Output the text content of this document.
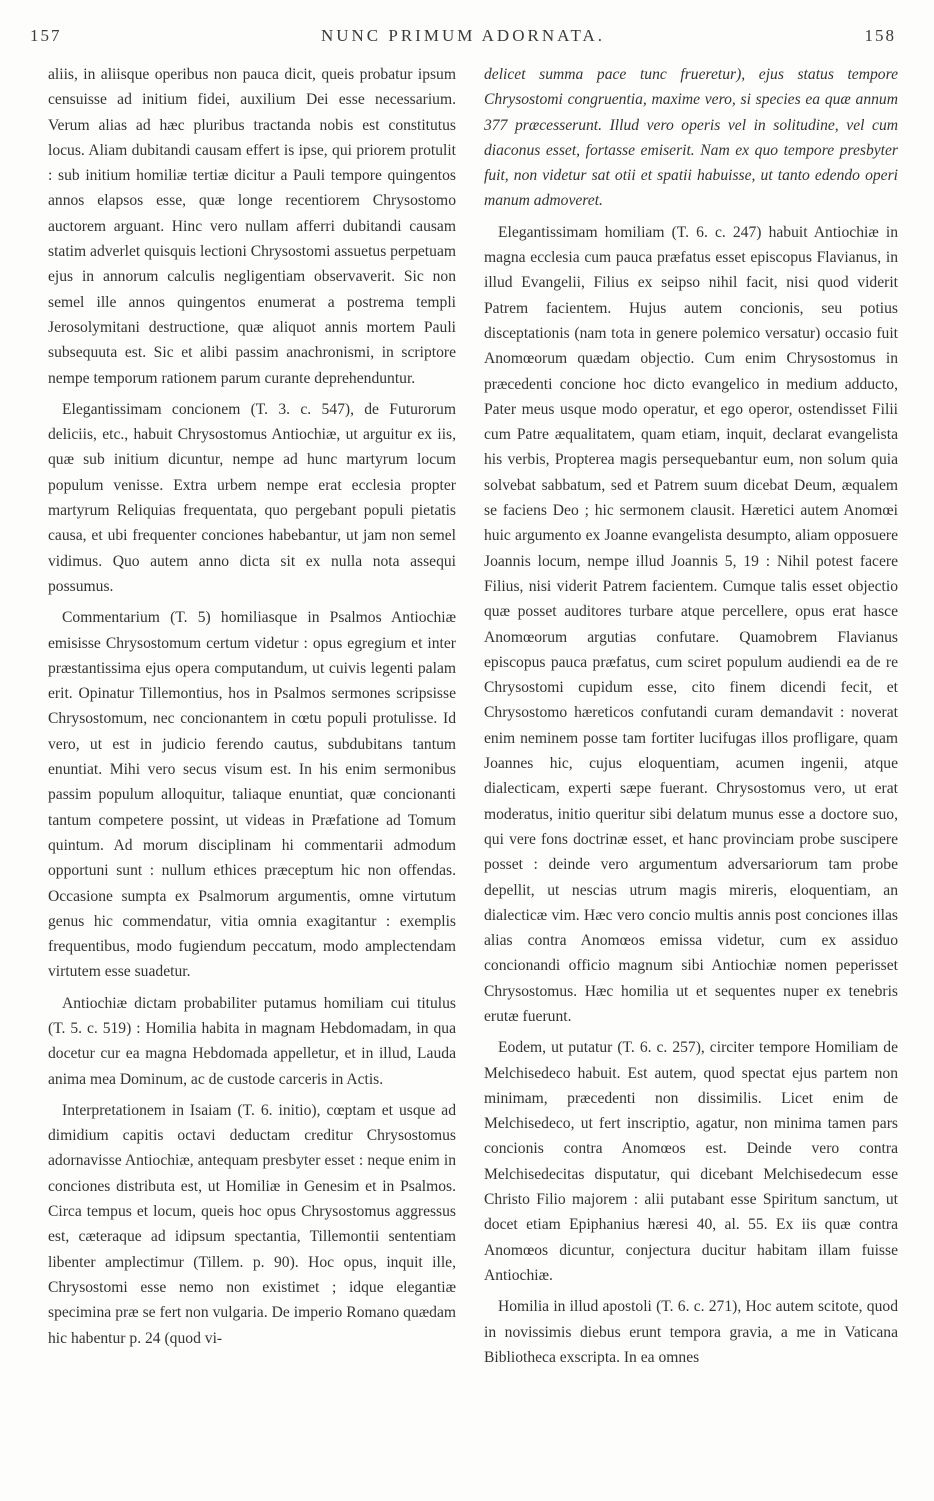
157	NUNC PRIMUM ADORNATA.	158

aliis, in aliisque operibus non pauca dicit, queis probatur ipsum censuisse ad initium fidei, auxilium Dei esse necessarium. Verum alias ad hæc pluribus tractanda nobis est constitutus locus. Aliam dubitandi causam effert is ipse, qui priorem protulit : sub initium homiliæ tertiæ dicitur a Pauli tempore quingentos annos elapsos esse, quæ longe recentiorem Chrysostomo auctorem arguant. Hinc vero nullam afferri dubitandi causam statim adverlet quisquis lectioni Chrysostomi assuetus perpetuam ejus in annorum calculis negligentiam observaverit. Sic non semel ille annos quingentos enumerat a postrema templi Jerosolymitani destructione, quæ aliquot annis mortem Pauli subsequuta est. Sic et alibi passim anachronismi, in scriptore nempe temporum rationem parum curante deprehenduntur.

Elegantissimam concionem (T. 3. c. 547), de Futurorum deliciis, etc., habuit Chrysostomus Antiochiæ, ut arguitur ex iis, quæ sub initium dicuntur, nempe ad hunc martyrum locum populum venisse. Extra urbem nempe erat ecclesia propter martyrum Reliquias frequentata, quo pergebant populi pietatis causa, et ubi frequenter conciones habebantur, ut jam non semel vidimus. Quo autem anno dicta sit ex nulla nota assequi possumus.

Commentarium (T. 5) homiliasque in Psalmos Antiochiæ emisisse Chrysostomum certum videtur : opus egregium et inter præstantissima ejus opera computandum, ut cuivis legenti palam erit. Opinatur Tillemontius, hos in Psalmos sermones scripsisse Chrysostomum, nec concionantem in cœtu populi protulisse. Id vero, ut est in judicio ferendo cautus, subdubitans tantum enuntiat. Mihi vero secus visum est. In his enim sermonibus passim populum alloquitur, taliaque enuntiat, quæ concionanti tantum competere possint, ut videas in Præfatione ad Tomum quintum. Ad morum disciplinam hi commentarii admodum opportuni sunt : nullum ethices præceptum hic non offendas. Occasione sumpta ex Psalmorum argumentis, omne virtutum genus hic commendatur, vitia omnia exagitantur : exemplis frequentibus, modo fugiendum peccatum, modo amplectendam virtutem esse suadetur.

Antiochiæ dictam probabiliter putamus homiliam cui titulus (T. 5. c. 519) : Homilia habita in magnam Hebdomadam, in qua docetur cur ea magna Hebdomada appelletur, et in illud, Lauda anima mea Dominum, ac de custode carceris in Actis.

Interpretationem in Isaiam (T. 6. initio), cœptam et usque ad dimidium capitis octavi deductam creditur Chrysostomus adornavisse Antiochiæ, antequam presbyter esset : neque enim in conciones distributa est, ut Homiliæ in Genesim et in Psalmos. Circa tempus et locum, queis hoc opus Chrysostomus aggressus est, cæteraque ad idipsum spectantia, Tillemontii sententiam libenter amplectimur (Tillem. p. 90). Hoc opus, inquit ille, Chrysostomi esse nemo non existimet ; idque elegantiæ specimina præ se fert non vulgaria. De imperio Romano quædam hic habentur p. 24 (quod vi-

delicet summa pace tunc frueretur), ejus status tempore Chrysostomi congruentia, maxime vero, si species ea quæ annum 377 præcesserunt. Illud vero operis vel in solitudine, vel cum diaconus esset, fortasse emiserit. Nam ex quo tempore presbyter fuit, non videtur sat otii et spatii habuisse, ut tanto edendo operi manum admoveret.

Elegantissimam homiliam (T. 6. c. 247) habuit Antiochiæ in magna ecclesia cum pauca præfatus esset episcopus Flavianus, in illud Evangelii, Filius ex seipso nihil facit, nisi quod viderit Patrem facientem. Hujus autem concionis, seu potius disceptationis (nam tota in genere polemico versatur) occasio fuit Anomœorum quædam objectio. Cum enim Chrysostomus in præcedenti concione hoc dicto evangelico in medium adducto, Pater meus usque modo operatur, et ego operor, ostendisset Filii cum Patre æqualitatem, quam etiam, inquit, declarat evangelista his verbis, Propterea magis persequebantur eum, non solum quia solvebat sabbatum, sed et Patrem suum dicebat Deum, æqualem se faciens Deo ; hic sermonem clausit. Hæretici autem Anomœi huic argumento ex Joanne evangelista desumpto, aliam opposuere Joannis locum, nempe illud Joannis 5, 19 : Nihil potest facere Filius, nisi viderit Patrem facientem. Cumque talis esset objectio quæ posset auditores turbare atque percellere, opus erat hasce Anomœorum argutias confutare. Quamobrem Flavianus episcopus pauca præfatus, cum sciret populum audiendi ea de re Chrysostomi cupidum esse, cito finem dicendi fecit, et Chrysostomo hæreticos confutandi curam demandavit : noverat enim neminem posse tam fortiter lucifugas illos profligare, quam Joannes hic, cujus eloquentiam, acumen ingenii, atque dialecticam, experti sæpe fuerant. Chrysostomus vero, ut erat moderatus, initio queritur sibi delatum munus esse a doctore suo, qui vere fons doctrinæ esset, et hanc provinciam probe suscipere posset : deinde vero argumentum adversariorum tam probe depellit, ut nescias utrum magis mireris, eloquentiam, an dialecticæ vim. Hæc vero concio multis annis post conciones illas alias contra Anomœos emissa videtur, cum ex assiduo concionandi officio magnum sibi Antiochiæ nomen peperisset Chrysostomus. Hæc homilia ut et sequentes nuper ex tenebris erutæ fuerunt.

Eodem, ut putatur (T. 6. c. 257), circiter tempore Homiliam de Melchisedeco habuit. Est autem, quod spectat ejus partem non minimam, præcedenti non dissimilis. Licet enim de Melchisedeco, ut fert inscriptio, agatur, non minima tamen pars concionis contra Anomœos est. Deinde vero contra Melchisedecitas disputatur, qui dicebant Melchisedecum esse Christo Filio majorem : alii putabant esse Spiritum sanctum, ut docet etiam Epiphanius hæresi 40, al. 55. Ex iis quæ contra Anomœos dicuntur, conjectura ducitur habitam illam fuisse Antiochiæ.

Homilia in illud apostoli (T. 6. c. 271), Hoc autem scitote, quod in novissimis diebus erunt tempora gravia, a me in Vaticana Bibliotheca exscripta. In ea omnes
